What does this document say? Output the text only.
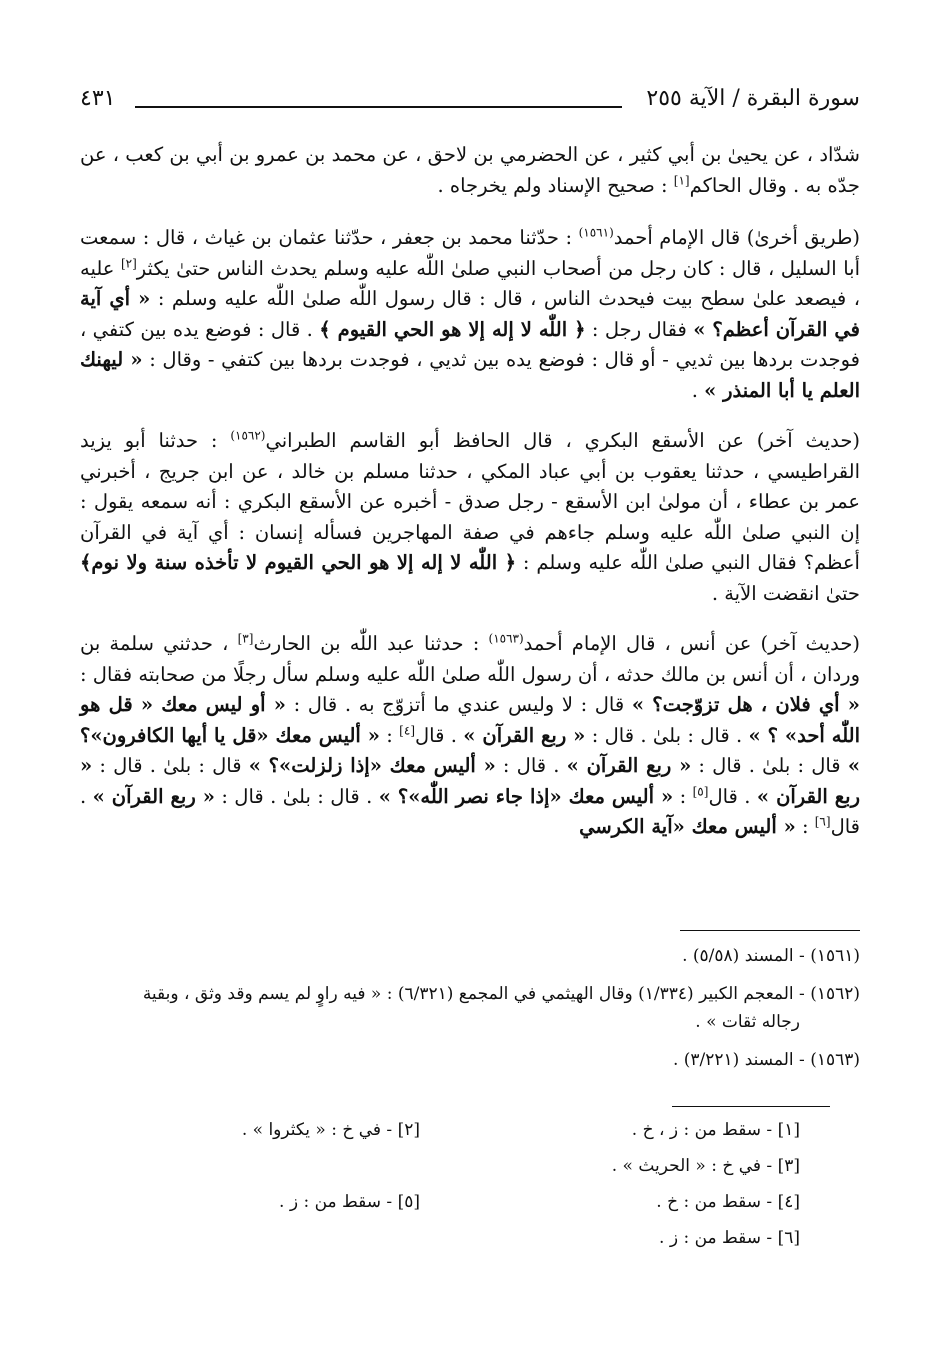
سورة البقرة / الآية ٢٥٥
٤٣١

شدّاد ، عن يحيىٰ بن أبي كثير ، عن الحضرمي بن لاحق ، عن محمد بن عمرو بن أبي بن كعب ، عن جدّه به . وقال الحاكم[١] : صحيح الإسناد ولم يخرجاه .

(طريق أخرىٰ) قال الإمام أحمد$^{(١٥٦١)}$ : حدّثنا محمد بن جعفر ، حدّثنا عثمان بن غياث ، قال : سمعت أبا السليل ، قال : كان رجل من أصحاب النبي صلىٰ اللّٰه عليه وسلم يحدث الناس حتىٰ يكثر[٢] عليه ، فيصعد علىٰ سطح بيت فيحدث الناس ، قال : قال رسول اللّٰه صلىٰ اللّٰه عليه وسلم : « أي آية في القرآن أعظم؟ » فقال رجل : ﴿ اللّٰه لا إله إلا هو الحي القيوم ﴾ . قال : فوضع يده بين كتفي ، فوجدت بردها بين ثديي - أو قال : فوضع يده بين ثديي ، فوجدت بردها بين كتفي - وقال : « ليهنك العلم يا أبا المنذر » .

(حديث آخر) عن الأسقع البكري ، قال الحافظ أبو القاسم الطبراني$^{(١٥٦٢)}$ : حدثنا أبو يزيد القراطيسي ، حدثنا يعقوب بن أبي عباد المكي ، حدثنا مسلم بن خالد ، عن ابن جريج ، أخبرني عمر بن عطاء ، أن مولىٰ ابن الأسقع - رجل صدق - أخبره عن الأسقع البكري : أنه سمعه يقول : إن النبي صلىٰ اللّٰه عليه وسلم جاءهم في صفة المهاجرين فسأله إنسان : أي آية في القرآن أعظم؟ فقال النبي صلىٰ اللّٰه عليه وسلم : ﴿ اللّٰه لا إله إلا هو الحي القيوم لا تأخذه سنة ولا نوم﴾ حتىٰ انقضت الآية .

(حديث آخر) عن أنس ، قال الإمام أحمد$^{(١٥٦٣)}$ : حدثنا عبد اللّٰه بن الحارث[٣] ، حدثني سلمة بن وردان ، أن أنس بن مالك حدثه ، أن رسول اللّٰه صلىٰ اللّٰه عليه وسلم سأل رجلًا من صحابته فقال : « أي فلان ، هل تزوّجت؟ » قال : لا وليس عندي ما أتزوّج به . قال : « أو ليس معك « قل هو اللّٰه أحد» ؟ » . قال : بلىٰ . قال : « ربع القرآن » . قال[٤] : « أليس معك «قل يا أيها الكافرون»؟ » قال : بلىٰ . قال : « ربع القرآن » . قال : « أليس معك «إذا زلزلت»؟ » قال : بلىٰ . قال : « ربع القرآن » . قال[٥] : « أليس معك «إذا جاء نصر اللّٰه»؟ » . قال : بلىٰ . قال : « ربع القرآن » . قال[٦] : « أليس معك «آية الكرسي

(١٥٦١) - المسند (٥/٥٨) .
(١٥٦٢) - المعجم الكبير (١/٣٣٤) وقال الهيثمي في المجمع (٦/٣٢١) : « فيه راوٍ لم يسم وقد وثق ، وبقية
رجاله ثقات » .
(١٥٦٣) - المسند (٣/٢٢١) .
[١] - سقط من : ز ، خ .
[٢] - في خ : « يكثروا » .
[٣] - في خ : « الحريث » .
[٤] - سقط من : خ .
[٥] - سقط من : ز .
[٦] - سقط من : ز .
